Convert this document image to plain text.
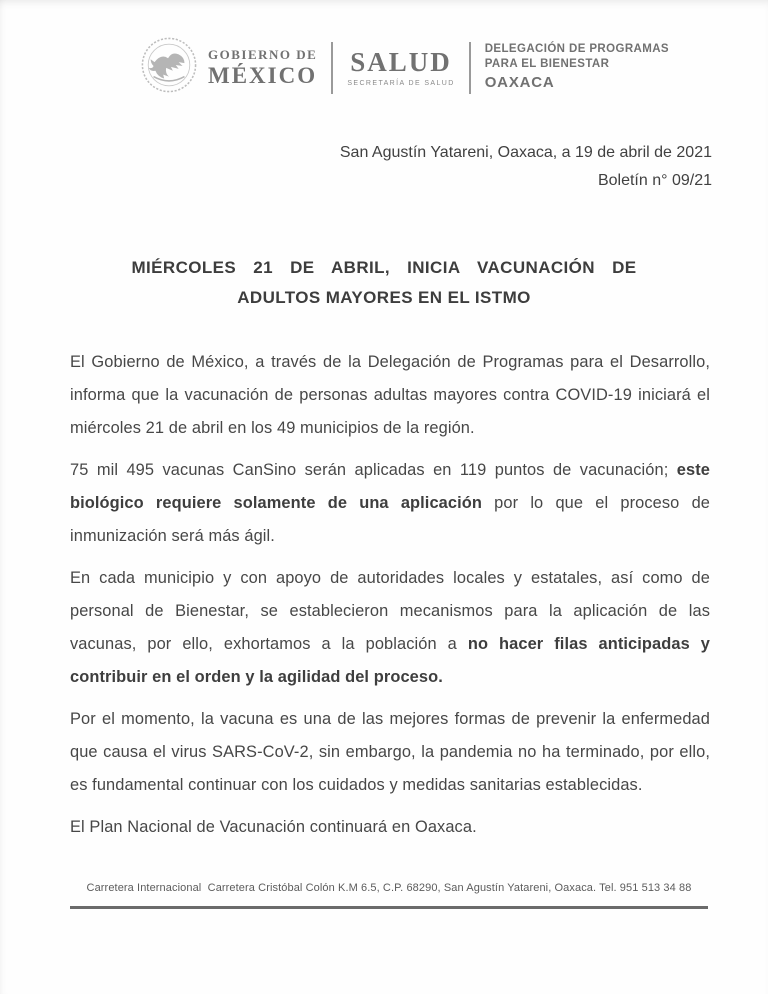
GOBIERNO DE
MÉXICO SALUD
SECRETARÍA DE SALUD
DELEGACIÓN DE PROGRAMAS
PARA EL BIENESTAR
OAXACA
San Agustín Yatareni, Oaxaca, a 19 de abril de 2021
Boletín n° 09/21
MIÉRCOLES 21 DE ABRIL, INICIA VACUNACIÓN DE ADULTOS MAYORES EN EL ISTMO

El Gobierno de México, a través de la Delegación de Programas para el Desarrollo, informa que la vacunación de personas adultas mayores contra COVID-19 iniciará el miércoles 21 de abril en los 49 municipios de la región.

75 mil 495 vacunas CanSino serán aplicadas en 119 puntos de vacunación; este biológico requiere solamente de una aplicación por lo que el proceso de inmunización será más ágil.

En cada municipio y con apoyo de autoridades locales y estatales, así como de personal de Bienestar, se establecieron mecanismos para la aplicación de las vacunas, por ello, exhortamos a la población a no hacer filas anticipadas y contribuir en el orden y la agilidad del proceso.

Por el momento, la vacuna es una de las mejores formas de prevenir la enfermedad que causa el virus SARS-CoV-2, sin embargo, la pandemia no ha terminado, por ello, es fundamental continuar con los cuidados y medidas sanitarias establecidas.

El Plan Nacional de Vacunación continuará en Oaxaca.

Carretera Internacional  Carretera Cristóbal Colón K.M 6.5, C.P. 68290, San Agustín Yatareni, Oaxaca. Tel. 951 513 34 88
